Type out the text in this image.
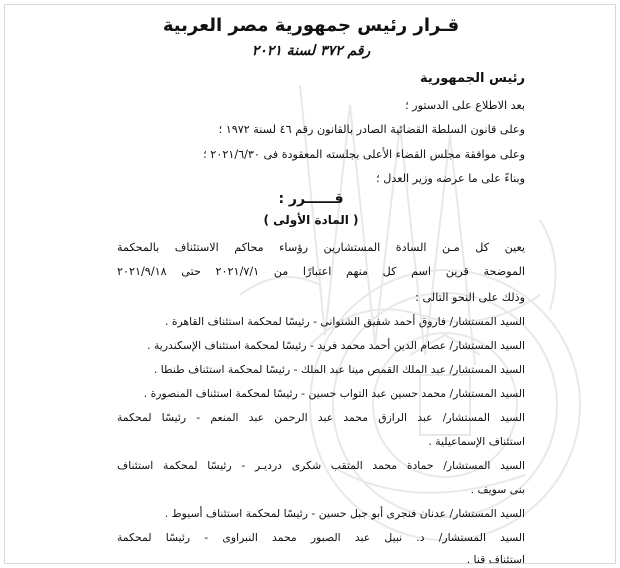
قـرار رئيس جمهورية مصر العربية
رقم ٣٧٢ لسنة ٢٠٢١
رئيس الجمهورية
بعد الاطلاع على الدستور ؛
وعلى قانون السلطة القضائية الصادر بالقانون رقم ٤٦ لسنة ١٩٧٢ ؛
وعلى موافقة مجلس القضاء الأعلى بجلسته المعقودة فى ٢٠٢١/٦/٣٠ ؛
وبناءً على ما عرضه وزير العدل ؛
قــــــرر :
( المادة الأولى )
يعين كل مـن السادة المستشارين رؤساء محاكم الاستئناف بالمحكمة
الموضحة قرين اسم كل منهم اعتبارًا من ٢٠٢١/٧/١ حتى ٢٠٢١/٩/١٨
وذلك على النحو التالى :
السيد المستشار/ فاروق أحمد شفيق الشنوانى - رئيسًا لمحكمة استئناف القاهرة .
السيد المستشار/ عصام الدين أحمد محمد فريد - رئيسًا لمحكمة استئناف الإسكندرية .
السيد المستشار/ عبد الملك القمص مينا عبد الملك - رئيسًا لمحكمة استئناف طنطا .
السيد المستشار/ محمد حسين عبد التواب حسين - رئيسًا لمحكمة استئناف المنصورة .
السيد المستشار/ عبد الرازق محمد عبد الرحمن عبد المنعم - رئيسًا لمحكمة
استئناف الإسماعيلية .
السيد المستشار/ حمادة محمد المتقب شكرى درديـر - رئيسًا لمحكمة استئناف
بنى سويف .
السيد المستشار/ عدنان فنجرى أبو جبل حسين - رئيسًا لمحكمة استئناف أسيوط .
السيد المستشار/ د. نبيل عبد الصبور محمد النبراوى - رئيسًا لمحكمة
استئناف قنا .
